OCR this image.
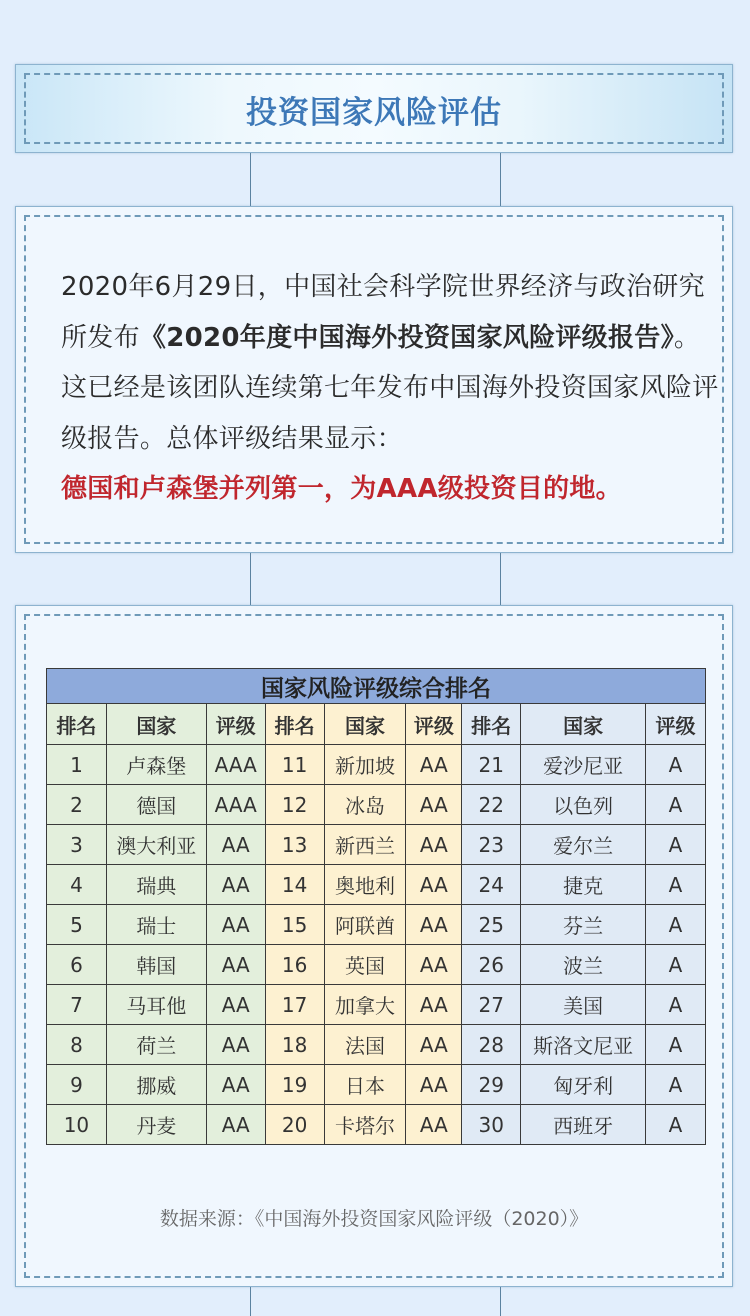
投资国家风险评估
2020年6月29日，中国社会科学院世界经济与政治研究所发布《2020年度中国海外投资国家风险评级报告》。这已经是该团队连续第七年发布中国海外投资国家风险评级报告。总体评级结果显示：
德国和卢森堡并列第一，为AAA级投资目的地。
国家风险评级综合排名								
排名	国家	评级	排名	国家	评级	排名	国家	评级
1	卢森堡	AAA	11	新加坡	AA	21	爱沙尼亚	A
2	德国	AAA	12	冰岛	AA	22	以色列	A
3	澳大利亚	AA	13	新西兰	AA	23	爱尔兰	A
4	瑞典	AA	14	奥地利	AA	24	捷克	A
5	瑞士	AA	15	阿联酋	AA	25	芬兰	A
6	韩国	AA	16	英国	AA	26	波兰	A
7	马耳他	AA	17	加拿大	AA	27	美国	A
8	荷兰	AA	18	法国	AA	28	斯洛文尼亚	A
9	挪威	AA	19	日本	AA	29	匈牙利	A
10	丹麦	AA	20	卡塔尔	AA	30	西班牙	A
数据来源：《中国海外投资国家风险评级（2020）》
